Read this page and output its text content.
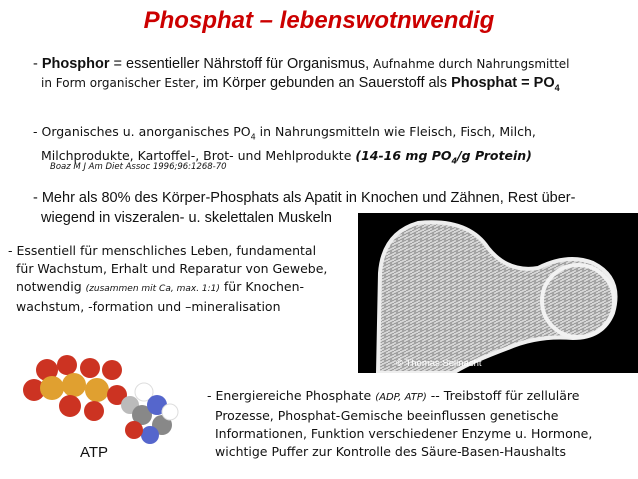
Phosphat – lebenswotnwendig
- Phosphor = essentieller Nährstoff für Organismus, Aufnahme durch Nahrungsmittel

in Form organischer Ester, im Körper gebunden an Sauerstoff als Phosphat = $PO_4$
- Organisches u. anorganisches $PO_4$ in Nahrungsmitteln wie Fleisch, Fisch, Milch,

Milchprodukte, Kartoffel-, Brot- und Mehlprodukte (14-16 mg $PO_4/g$ Protein)
Boaz M J Am Diet Assoc 1996;96:1268-70
- Mehr als 80% des Körper-Phosphats als Apatit in Knochen und Zähnen, Rest über-

wiegend in viszeralen- u. skelettalen Muskeln
© Thomas Seilnacht
- Essentiell für menschliches Leben, fundamental

für Wachstum, Erhalt und Reparatur von Gewebe,
notwendig (zusammen mit Ca, max. 1:1) für Knochen-
wachstum, -formation und –mineralisation
ATP
- Energiereiche Phosphate (ADP, ATP) -- Treibstoff für zelluläre

Prozesse, Phosphat-Gemische beeinflussen genetische
Informationen, Funktion verschiedener Enzyme u. Hormone,
wichtige Puffer zur Kontrolle des Säure-Basen-Haushalts
